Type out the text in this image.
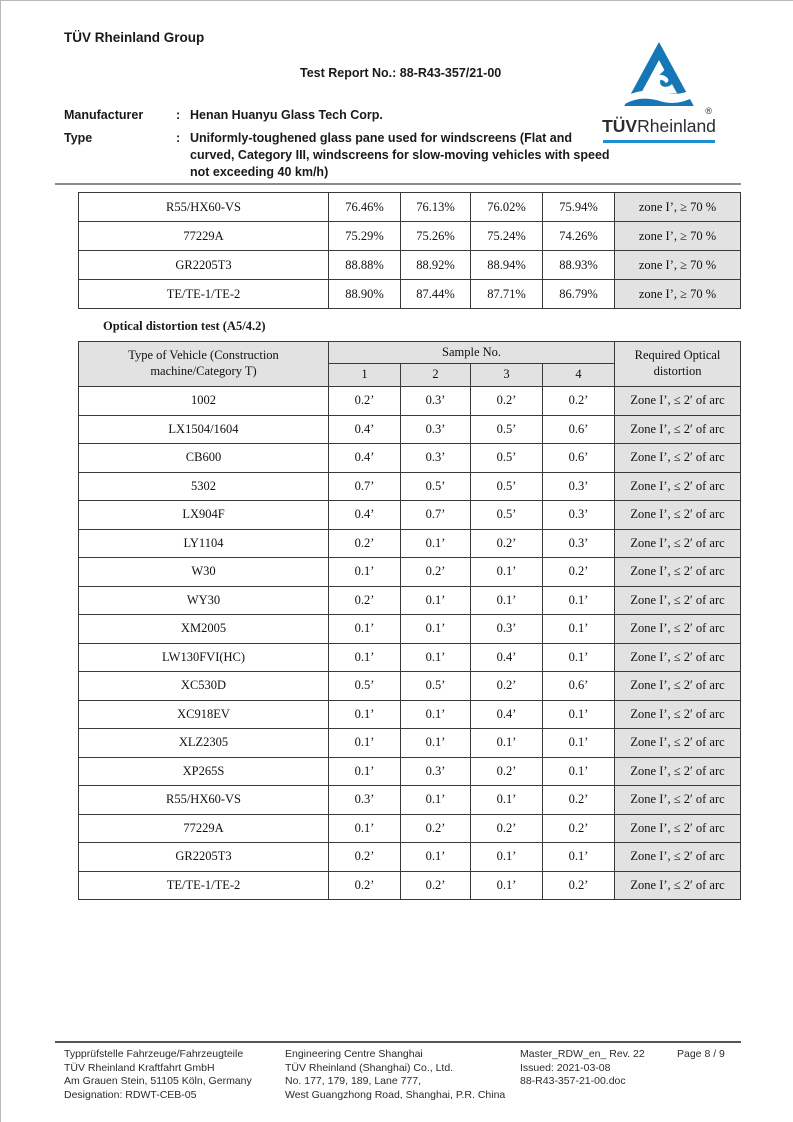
TÜV Rheinland Group
Test Report No.: 88-R43-357/21-00
®
TÜVRheinland
Manufacturer	: Henan Huanyu Glass Tech Corp.
Type	: Uniformly-toughened glass pane used for windscreens (Flat and curved, Category III, windscreens for slow-moving vehicles with speed not exceeding 40 km/h)
R55/HX60-VS	76.46%	76.13%	76.02%	75.94%	zone I’, ≥ 70 %
77229A	75.29%	75.26%	75.24%	74.26%	zone I’, ≥ 70 %
GR2205T3	88.88%	88.92%	88.94%	88.93%	zone I’, ≥ 70 %
TE/TE-1/TE-2	88.90%	87.44%	87.71%	86.79%	zone I’, ≥ 70 %
Optical distortion test (A5/4.2)
Type of Vehicle (Construction machine/Category T)	Sample No.				Required Optical distortion
	1	2	3	4	
1002	0.2’	0.3’	0.2’	0.2’	Zone I’, ≤ 2′ of arc
LX1504/1604	0.4’	0.3’	0.5’	0.6’	Zone I’, ≤ 2′ of arc
CB600	0.4’	0.3’	0.5’	0.6’	Zone I’, ≤ 2′ of arc
5302	0.7’	0.5’	0.5’	0.3’	Zone I’, ≤ 2′ of arc
LX904F	0.4’	0.7’	0.5’	0.3’	Zone I’, ≤ 2′ of arc
LY1104	0.2’	0.1’	0.2’	0.3’	Zone I’, ≤ 2′ of arc
W30	0.1’	0.2’	0.1’	0.2’	Zone I’, ≤ 2′ of arc
WY30	0.2’	0.1’	0.1’	0.1’	Zone I’, ≤ 2′ of arc
XM2005	0.1’	0.1’	0.3’	0.1’	Zone I’, ≤ 2′ of arc
LW130FVI(HC)	0.1’	0.1’	0.4’	0.1’	Zone I’, ≤ 2′ of arc
XC530D	0.5’	0.5’	0.2’	0.6’	Zone I’, ≤ 2′ of arc
XC918EV	0.1’	0.1’	0.4’	0.1’	Zone I’, ≤ 2′ of arc
XLZ2305	0.1’	0.1’	0.1’	0.1’	Zone I’, ≤ 2′ of arc
XP265S	0.1’	0.3’	0.2’	0.1’	Zone I’, ≤ 2′ of arc
R55/HX60-VS	0.3’	0.1’	0.1’	0.2’	Zone I’, ≤ 2′ of arc
77229A	0.1’	0.2’	0.2’	0.2’	Zone I’, ≤ 2′ of arc
GR2205T3	0.2’	0.1’	0.1’	0.1’	Zone I’, ≤ 2′ of arc
TE/TE-1/TE-2	0.2’	0.2’	0.1’	0.2’	Zone I’, ≤ 2′ of arc
Typprüfstelle Fahrzeuge/Fahrzeugteile
TÜV Rheinland Kraftfahrt GmbH
Am Grauen Stein, 51105 Köln, Germany
Designation: RDWT-CEB-05
Engineering Centre Shanghai
TÜV Rheinland (Shanghai) Co., Ltd.
No. 177, 179, 189, Lane 777,
West Guangzhong Road, Shanghai, P.R. China
Master_RDW_en_ Rev. 22
Issued: 2021-03-08
88-R43-357-21-00.doc
Page 8 / 9
